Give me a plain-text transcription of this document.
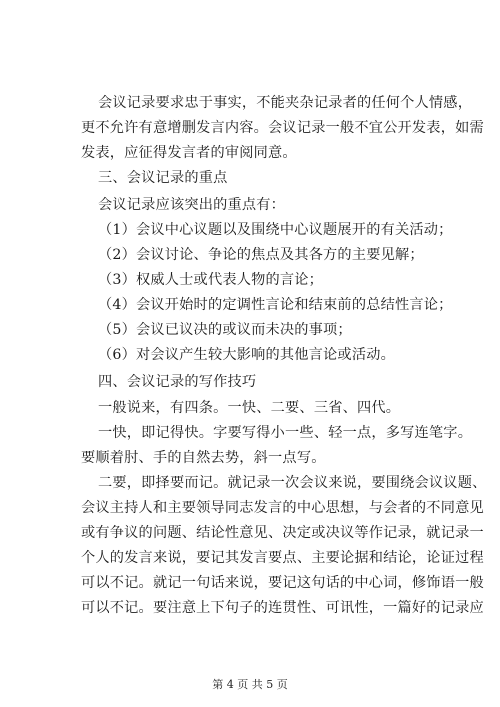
会议记录要求忠于事实，不能夹杂记录者的任何个人情感，
更不允许有意增删发言内容。会议记录一般不宜公开发表，如需
发表，应征得发言者的审阅同意。
三、会议记录的重点
会议记录应该突出的重点有：
（1）会议中心议题以及围绕中心议题展开的有关活动；
（2）会议讨论、争论的焦点及其各方的主要见解；
（3）权威人士或代表人物的言论；
（4）会议开始时的定调性言论和结束前的总结性言论；
（5）会议已议决的或议而未决的事项；
（6）对会议产生较大影响的其他言论或活动。
四、会议记录的写作技巧
一般说来，有四条。一快、二要、三省、四代。
一快，即记得快。字要写得小一些、轻一点，多写连笔字。
要顺着肘、手的自然去势，斜一点写。
二要，即择要而记。就记录一次会议来说，要围绕会议议题、
会议主持人和主要领导同志发言的中心思想，与会者的不同意见
或有争议的问题、结论性意见、决定或决议等作记录，就记录一
个人的发言来说，要记其发言要点、主要论据和结论，论证过程
可以不记。就记一句话来说，要记这句话的中心词，修饰语一般
可以不记。要注意上下句子的连贯性、可讯性，一篇好的记录应
第 4 页 共 5 页
